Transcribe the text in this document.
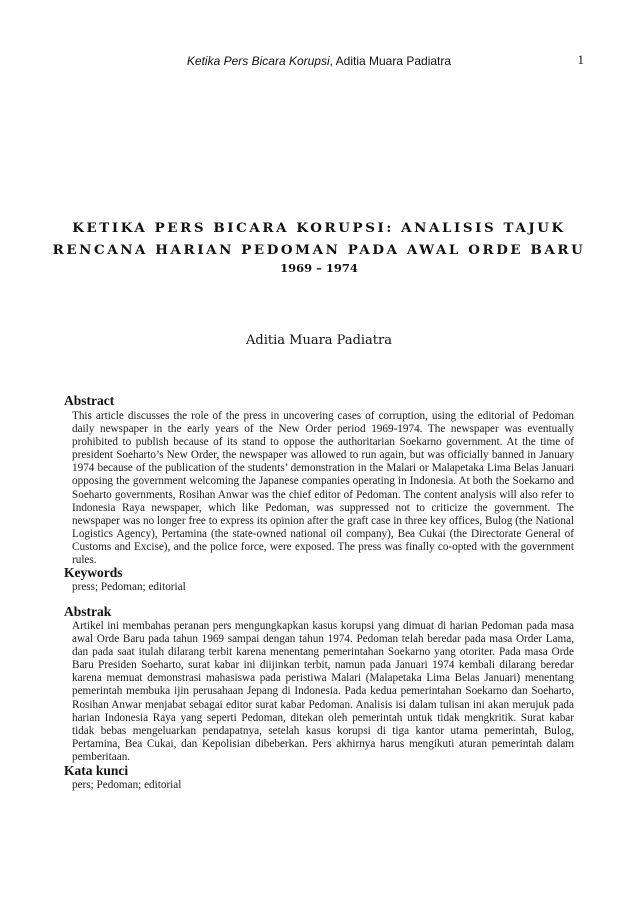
Ketika Pers Bicara Korupsi, Aditia Muara Padiatra	1
KETIKA PERS BICARA KORUPSI: ANALISIS TAJUK
RENCANA HARIAN PEDOMAN PADA AWAL ORDE BARU
1969 – 1974
Aditia Muara Padiatra
Abstract
This article discusses the role of the press in uncovering cases of corruption, using the editorial of Pedoman daily newspaper in the early years of the New Order period 1969-1974. The newspaper was eventually prohibited to publish because of its stand to oppose the authoritarian Soekarno government. At the time of president Soeharto’s New Order, the newspaper was allowed to run again, but was officially banned in January 1974 because of the publication of the students’ demonstration in the Malari or Malapetaka Lima Belas Januari opposing the government welcoming the Japanese companies operating in Indonesia. At both the Soekarno and Soeharto governments, Rosihan Anwar was the chief editor of Pedoman. The content analysis will also refer to Indonesia Raya newspaper, which like Pedoman, was suppressed not to criticize the government. The newspaper was no longer free to express its opinion after the graft case in three key offices, Bulog (the National Logistics Agency), Pertamina (the state-owned national oil company), Bea Cukai (the Directorate General of Customs and Excise), and the police force, were exposed. The press was finally co-opted with the government rules.
Keywords
press; Pedoman; editorial
Abstrak
Artikel ini membahas peranan pers mengungkapkan kasus korupsi yang dimuat di harian Pedoman pada masa awal Orde Baru pada tahun 1969 sampai dengan tahun 1974. Pedoman telah beredar pada masa Order Lama, dan pada saat itulah dilarang terbit karena menentang pemerintahan Soekarno yang otoriter. Pada masa Orde Baru Presiden Soeharto, surat kabar ini diijinkan terbit, namun pada Januari 1974 kembali dilarang beredar karena memuat demonstrasi mahasiswa pada peristiwa Malari (Malapetaka Lima Belas Januari) menentang pemerintah membuka ijin perusahaan Jepang di Indonesia. Pada kedua pemerintahan Soekarno dan Soeharto, Rosihan Anwar menjabat sebagai editor surat kabar Pedoman. Analisis isi dalam tulisan ini akan merujuk pada harian Indonesia Raya yang seperti Pedoman, ditekan oleh pemerintah untuk tidak mengkritik. Surat kabar tidak bebas mengeluarkan pendapatnya, setelah kasus korupsi di tiga kantor utama pemerintah, Bulog, Pertamina, Bea Cukai, dan Kepolisian dibeberkan. Pers akhirnya harus mengikuti aturan pemerintah dalam pemberitaan.
Kata kunci
pers; Pedoman; editorial
